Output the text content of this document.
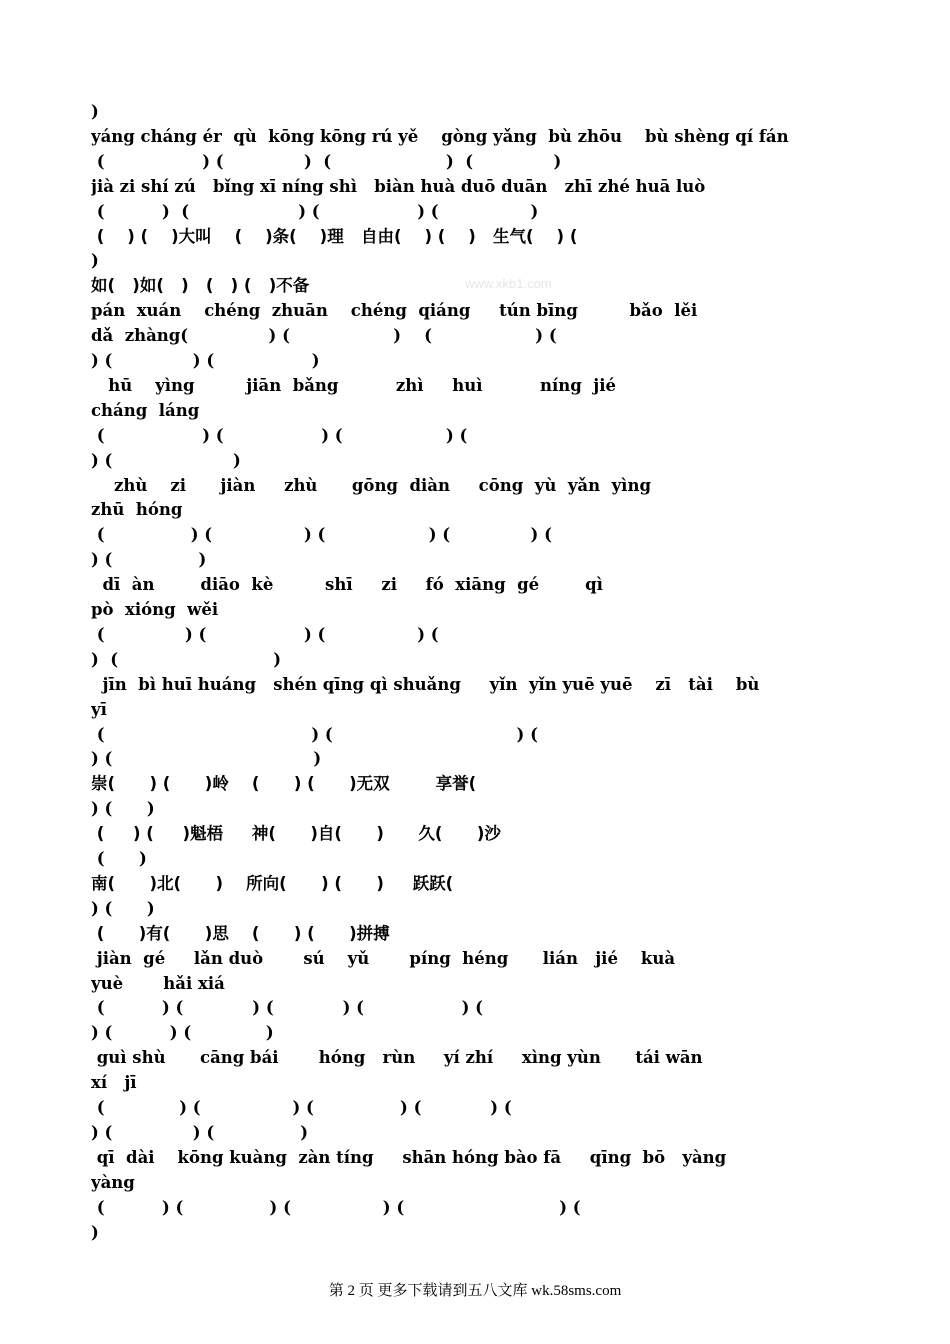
)
yáng cháng ér  qù  kōng kōng rú yě    gòng yǎng  bù zhōu    bù shèng qí fán
(                 ) (              )  (                    )  (              )
jià zi shí zú   bǐng xī níng shì   biàn huà duō duān   zhī zhé huā luò
(          )  (                   ) (                 ) (                )
(    ) (    )大叫    (    )条(    )理   自由(    ) (    )   生气(    ) (
)
如(   )如(   )   (   ) (   )不备
pán  xuán    chéng  zhuān    chéng  qiáng     tún bīng         bǎo  lěi
dǎ  zhàng(              ) (                  )    (                  ) (
) (              ) (                 )
hū    yìng         jiān  bǎng          zhì     huì          níng  jié
cháng  láng
(                 ) (                 ) (                  ) (
) (                     )
zhù    zi      jiàn     zhù      gōng  diàn     cōng  yù  yǎn  yìng
zhū  hóng
(               ) (                ) (                  ) (              ) (
) (               )
dī  àn        diāo  kè         shī     zi     fó  xiāng  gé        qì
pò  xióng  wěi
(              ) (                 ) (                ) (
)  (                           )
jīn  bì huī huáng   shén qīng qì shuǎng     yǐn  yǐn yuē yuē    zī   tài    bù
yī
(                                    ) (                                ) (
) (                                   )
崇(      ) (      )岭    (      ) (      )无双        享誉(
) (      )
(     ) (     )魁梧     神(      )自(      )      久(      )沙
(      )
南(      )北(      )    所向(      ) (      )     跃跃(
) (      )
(      )有(      )思    (      ) (      )拼搏
jiàn  gé     lǎn duò       sú    yǔ       píng  héng      lián   jié    kuà
yuè       hǎi xiá
(          ) (            ) (            ) (                 ) (
) (          ) (             )
guì shù      cāng bái       hóng   rùn     yí zhí     xìng yùn      tái wān
xí   jī
(             ) (                ) (               ) (            ) (
) (              ) (               )
qī  dài    kōng kuàng  zàn tíng     shān hóng bào fā     qīng  bō   yàng
yàng
(          ) (               ) (                ) (                           ) (
)
www.xkb1.com
第 2 页 更多下载请到五八文库 wk.58sms.com
